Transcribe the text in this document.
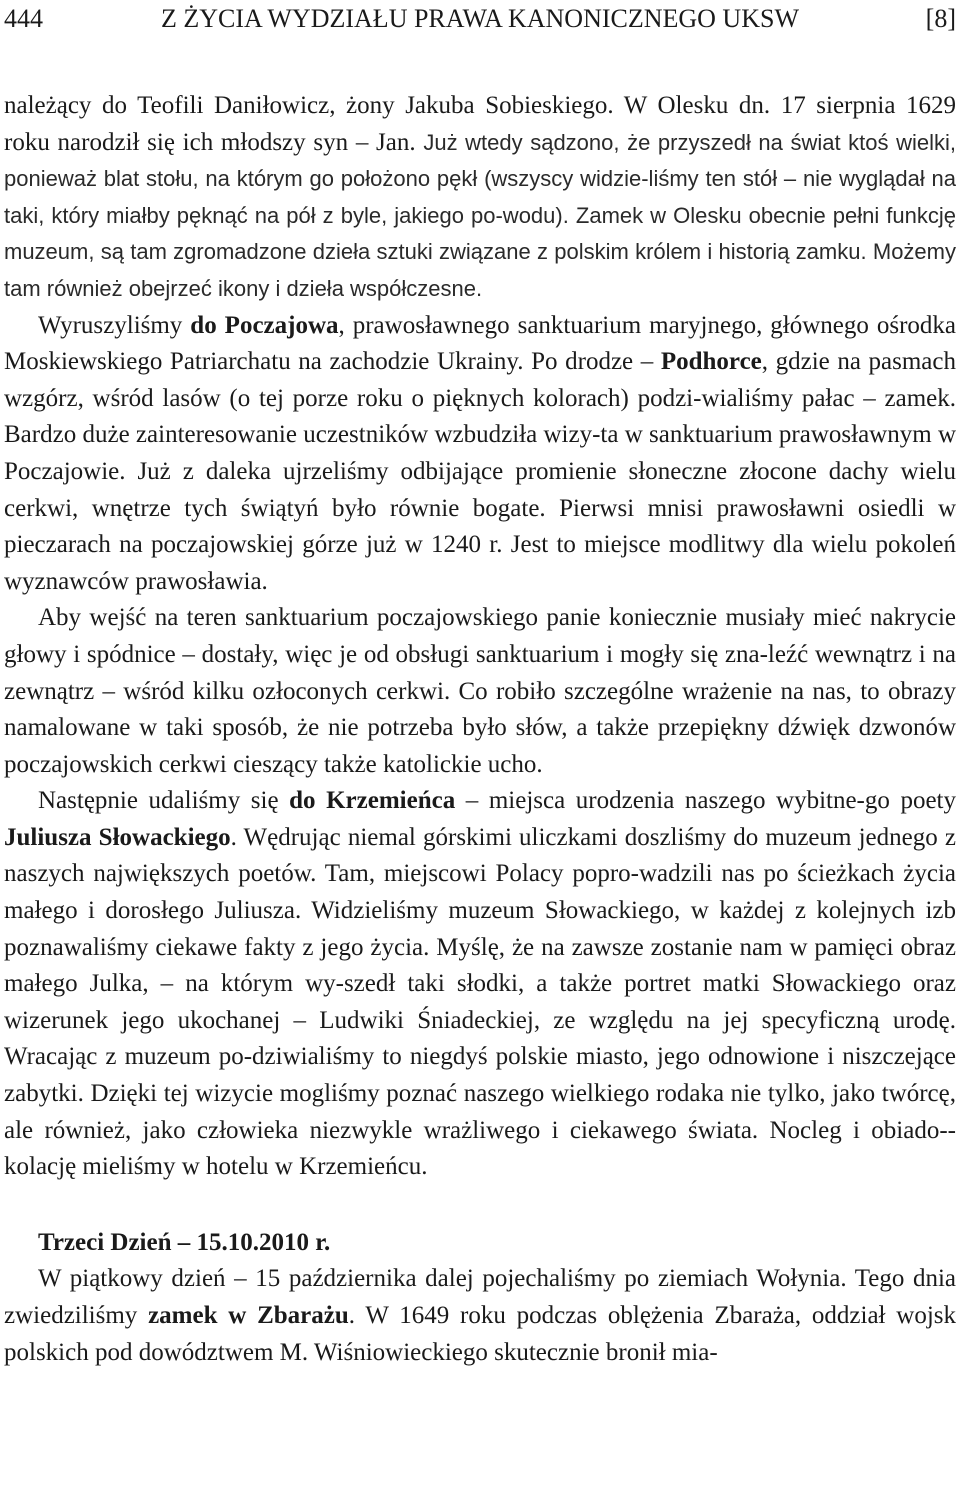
444	Z ŻYCIA WYDZIAŁU PRAWA KANONICZNEGO UKSW	[8]

należący do Teofili Daniłowicz, żony Jakuba Sobieskiego. W Olesku dn. 17 sierpnia 1629 roku narodził się ich młodszy syn – Jan. Już wtedy sądzono, że przyszedł na świat ktoś wielki, ponieważ blat stołu, na którym go położono pękł (wszyscy widzie-liśmy ten stół – nie wyglądał na taki, który miałby pęknąć na pół z byle, jakiego po-wodu). Zamek w Olesku obecnie pełni funkcję muzeum, są tam zgromadzone dzieła sztuki związane z polskim królem i historią zamku. Możemy tam również obejrzeć ikony i dzieła współczesne.

Wyruszyliśmy do Poczajowa, prawosławnego sanktuarium maryjnego, głównego ośrodka Moskiewskiego Patriarchatu na zachodzie Ukrainy. Po drodze – Podhorce, gdzie na pasmach wzgórz, wśród lasów (o tej porze roku o pięknych kolorach) podzi-wialiśmy pałac – zamek. Bardzo duże zainteresowanie uczestników wzbudziła wizy-ta w sanktuarium prawosławnym w Poczajowie. Już z daleka ujrzeliśmy odbijające promienie słoneczne złocone dachy wielu cerkwi, wnętrze tych świątyń było równie bogate. Pierwsi mnisi prawosławni osiedli w pieczarach na poczajowskiej górze już w 1240 r. Jest to miejsce modlitwy dla wielu pokoleń wyznawców prawosławia.

Aby wejść na teren sanktuarium poczajowskiego panie koniecznie musiały mieć nakrycie głowy i spódnice – dostały, więc je od obsługi sanktuarium i mogły się zna-leźć wewnątrz i na zewnątrz – wśród kilku ozłoconych cerkwi. Co robiło szczególne wrażenie na nas, to obrazy namalowane w taki sposób, że nie potrzeba było słów, a także przepiękny dźwięk dzwonów poczajowskich cerkwi cieszący także katolickie ucho.

Następnie udaliśmy się do Krzemieńca – miejsca urodzenia naszego wybitne-go poety Juliusza Słowackiego. Wędrując niemal górskimi uliczkami doszliśmy do muzeum jednego z naszych największych poetów. Tam, miejscowi Polacy popro-wadzili nas po ścieżkach życia małego i dorosłego Juliusza. Widzieliśmy muzeum Słowackiego, w każdej z kolejnych izb poznawaliśmy ciekawe fakty z jego życia. Myślę, że na zawsze zostanie nam w pamięci obraz małego Julka, – na którym wy-szedł taki słodki, a także portret matki Słowackiego oraz wizerunek jego ukochanej – Ludwiki Śniadeckiej, ze względu na jej specyficzną urodę. Wracając z muzeum po-dziwialiśmy to niegdyś polskie miasto, jego odnowione i niszczejące zabytki. Dzięki tej wizycie mogliśmy poznać naszego wielkiego rodaka nie tylko, jako twórcę, ale również, jako człowieka niezwykle wrażliwego i ciekawego świata. Nocleg i obiado-kolację mieliśmy w hotelu w Krzemieńcu.

Trzeci Dzień – 15.10.2010 r.

W piątkowy dzień – 15 października dalej pojechaliśmy po ziemiach Wołynia. Tego dnia zwiedziliśmy zamek w Zbarażu. W 1649 roku podczas oblężenia Zbaraża, oddział wojsk polskich pod dowództwem M. Wiśniowieckiego skutecznie bronił mia-
